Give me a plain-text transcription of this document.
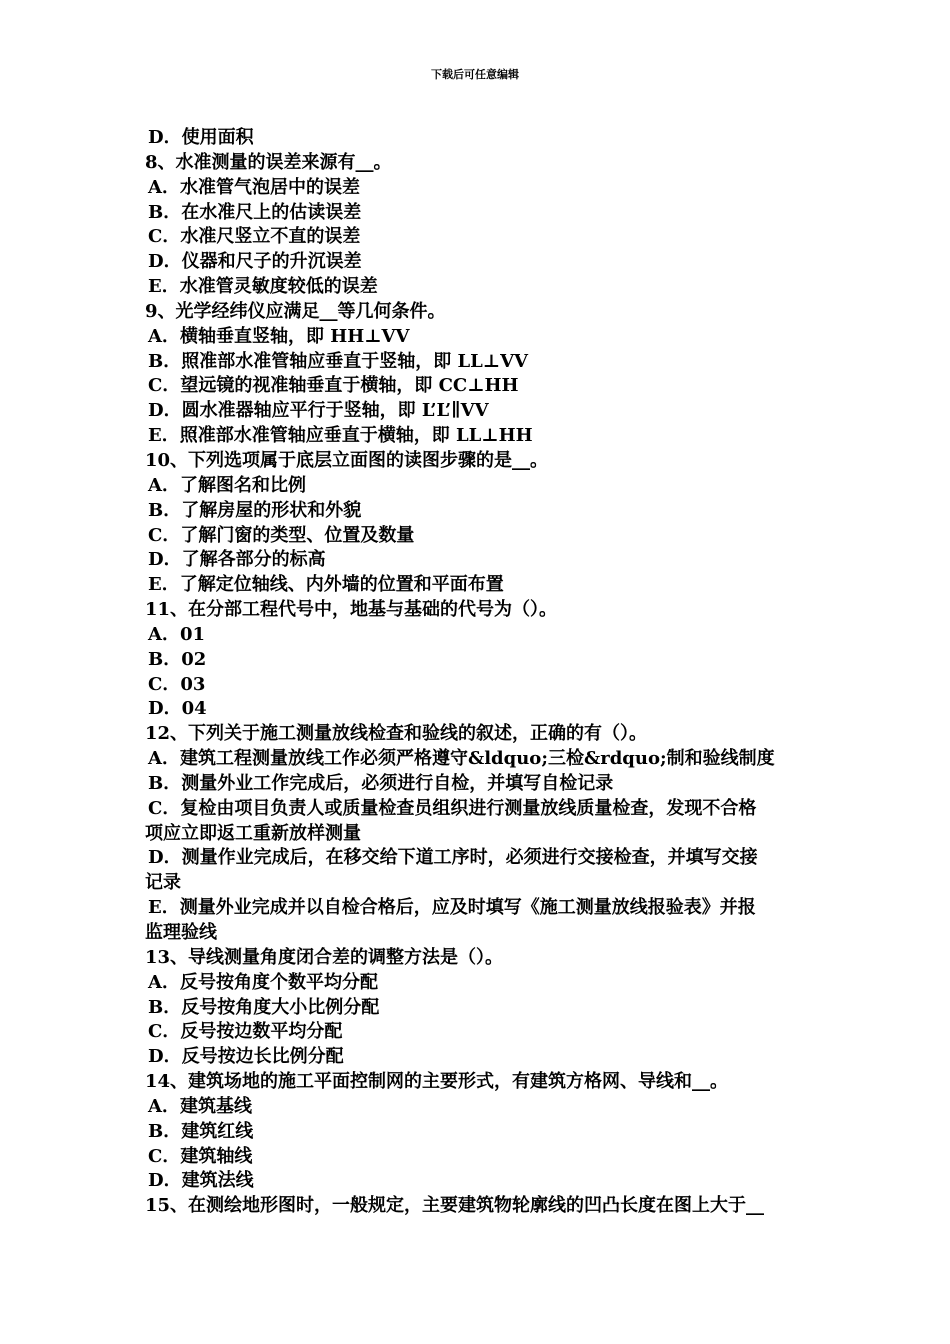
下载后可任意编辑
D．使用面积
8、水准测量的误差来源有__。
A．水准管气泡居中的误差
B．在水准尺上的估读误差
C．水准尺竖立不直的误差
D．仪器和尺子的升沉误差
E．水准管灵敏度较低的误差
9、光学经纬仪应满足__等几何条件。
A．横轴垂直竖轴，即 HH⊥VV
B．照准部水准管轴应垂直于竖轴，即 LL⊥VV
C．望远镜的视准轴垂直于横轴，即 CC⊥HH
D．圆水准器轴应平行于竖轴，即 L’L’∥VV
E．照准部水准管轴应垂直于横轴，即 LL⊥HH
10、下列选项属于底层立面图的读图步骤的是__。
A．了解图名和比例
B．了解房屋的形状和外貌
C．了解门窗的类型、位置及数量
D．了解各部分的标高
E．了解定位轴线、内外墙的位置和平面布置
11、在分部工程代号中，地基与基础的代号为（）。
A．01
B．02
C．03
D．04
12、下列关于施工测量放线检查和验线的叙述，正确的有（）。
A．建筑工程测量放线工作必须严格遵守&ldquo;三检&rdquo;制和验线制度
B．测量外业工作完成后，必须进行自检，并填写自检记录
C．复检由项目负责人或质量检查员组织进行测量放线质量检查，发现不合格
项应立即返工重新放样测量
D．测量作业完成后，在移交给下道工序时，必须进行交接检查，并填写交接
记录
E．测量外业完成并以自检合格后，应及时填写《施工测量放线报验表》并报
监理验线
13、导线测量角度闭合差的调整方法是（）。
A．反号按角度个数平均分配
B．反号按角度大小比例分配
C．反号按边数平均分配
D．反号按边长比例分配
14、建筑场地的施工平面控制网的主要形式，有建筑方格网、导线和__。
A．建筑基线
B．建筑红线
C．建筑轴线
D．建筑法线
15、在测绘地形图时，一般规定，主要建筑物轮廓线的凹凸长度在图上大于__
